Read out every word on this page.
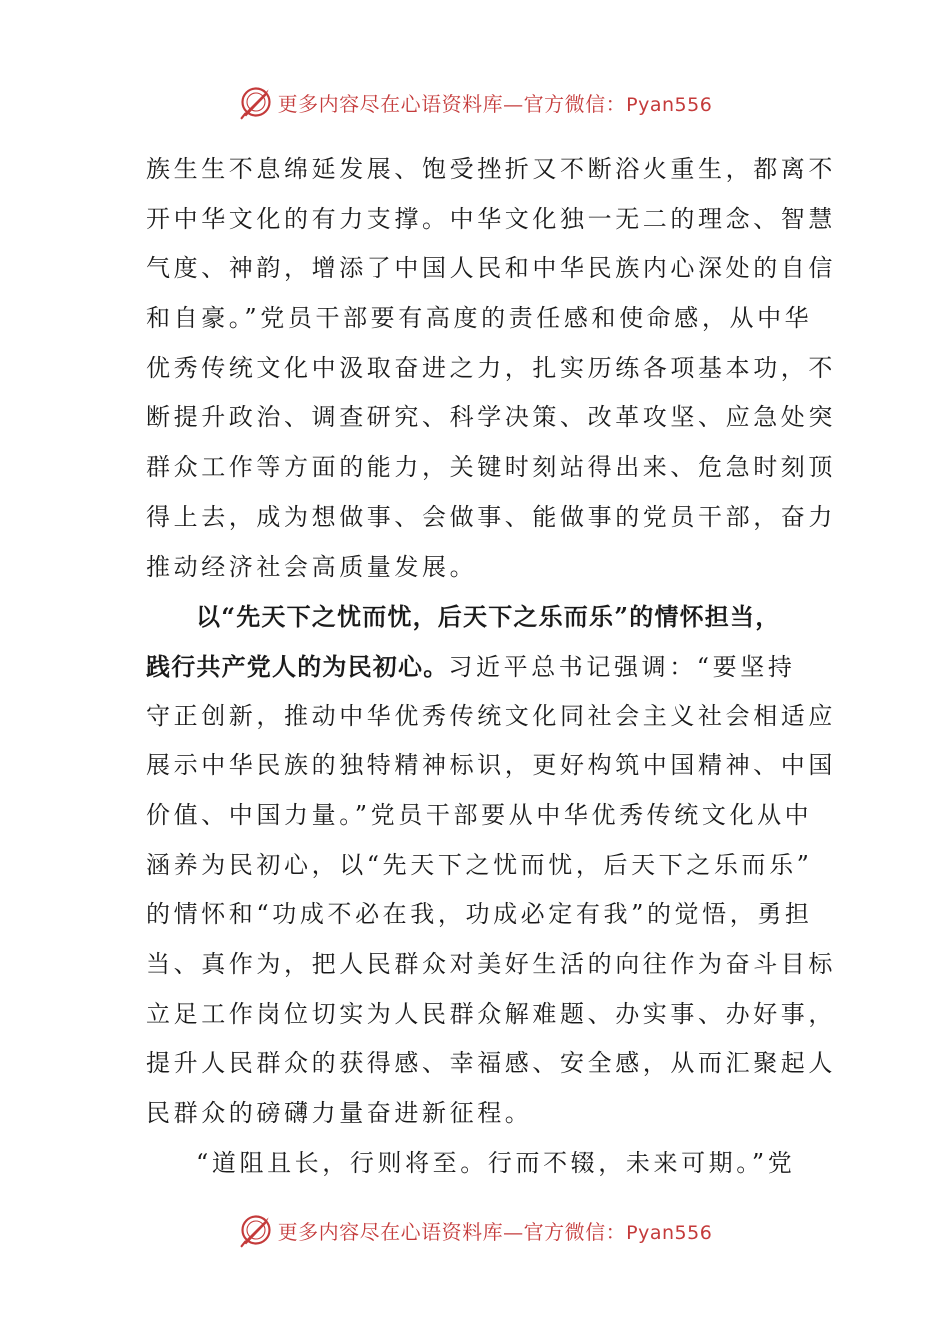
更多内容尽在心语资料库—官方微信：Pyan556
族生生不息绵延发展、饱受挫折又不断浴火重生，都离不
开中华文化的有力支撑。中华文化独一无二的理念、智慧
气度、神韵，增添了中国人民和中华民族内心深处的自信
和自豪。”党员干部要有高度的责任感和使命感，从中华
优秀传统文化中汲取奋进之力，扎实历练各项基本功，不
断提升政治、调查研究、科学决策、改革攻坚、应急处突
群众工作等方面的能力，关键时刻站得出来、危急时刻顶
得上去，成为想做事、会做事、能做事的党员干部，奋力
推动经济社会高质量发展。
以“先天下之忧而忧，后天下之乐而乐”的情怀担当，
践行共产党人的为民初心。习近平总书记强调：“要坚持
守正创新，推动中华优秀传统文化同社会主义社会相适应
展示中华民族的独特精神标识，更好构筑中国精神、中国
价值、中国力量。”党员干部要从中华优秀传统文化从中
涵养为民初心，以“先天下之忧而忧，后天下之乐而乐”
的情怀和“功成不必在我，功成必定有我”的觉悟，勇担
当、真作为，把人民群众对美好生活的向往作为奋斗目标
立足工作岗位切实为人民群众解难题、办实事、办好事，
提升人民群众的获得感、幸福感、安全感，从而汇聚起人
民群众的磅礴力量奋进新征程。
“道阻且长，行则将至。行而不辍，未来可期。”党
更多内容尽在心语资料库—官方微信：Pyan556
